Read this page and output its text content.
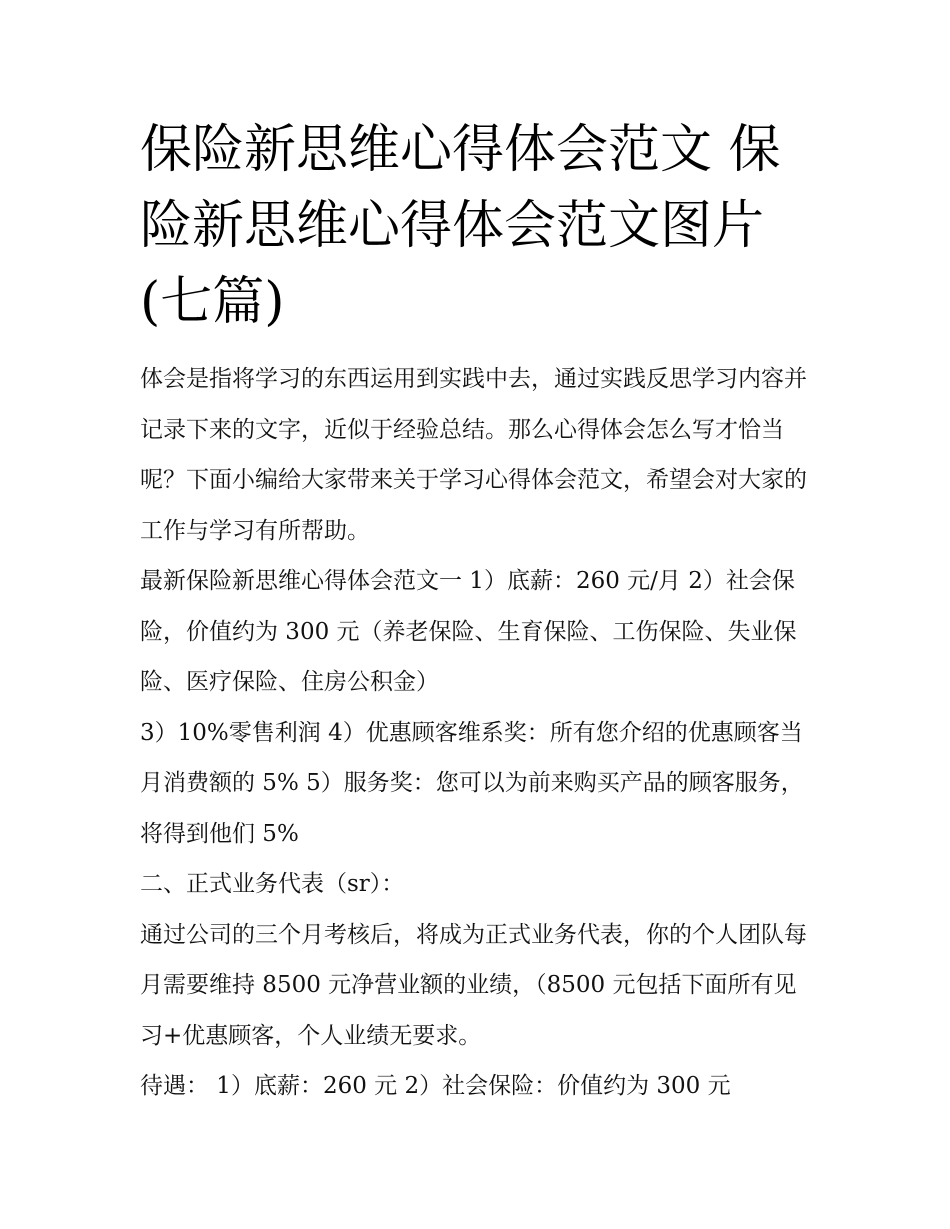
保险新思维心得体会范文 保险新思维心得体会范文图片(七篇)

体会是指将学习的东西运用到实践中去，通过实践反思学习内容并记录下来的文字，近似于经验总结。那么心得体会怎么写才恰当呢？下面小编给大家带来关于学习心得体会范文，希望会对大家的工作与学习有所帮助。

最新保险新思维心得体会范文一 1）底薪：260 元/月 2）社会保险，价值约为 300 元（养老保险、生育保险、工伤保险、失业保险、医疗保险、住房公积金）

3）10%零售利润 4）优惠顾客维系奖：所有您介绍的优惠顾客当月消费额的 5% 5）服务奖：您可以为前来购买产品的顾客服务，将得到他们 5%

二、正式业务代表（sr）：

通过公司的三个月考核后，将成为正式业务代表，你的个人团队每月需要维持 8500 元净营业额的业绩，（8500 元包括下面所有见习+优惠顾客，个人业绩无要求。

待遇： 1）底薪：260 元 2）社会保险：价值约为 300 元
